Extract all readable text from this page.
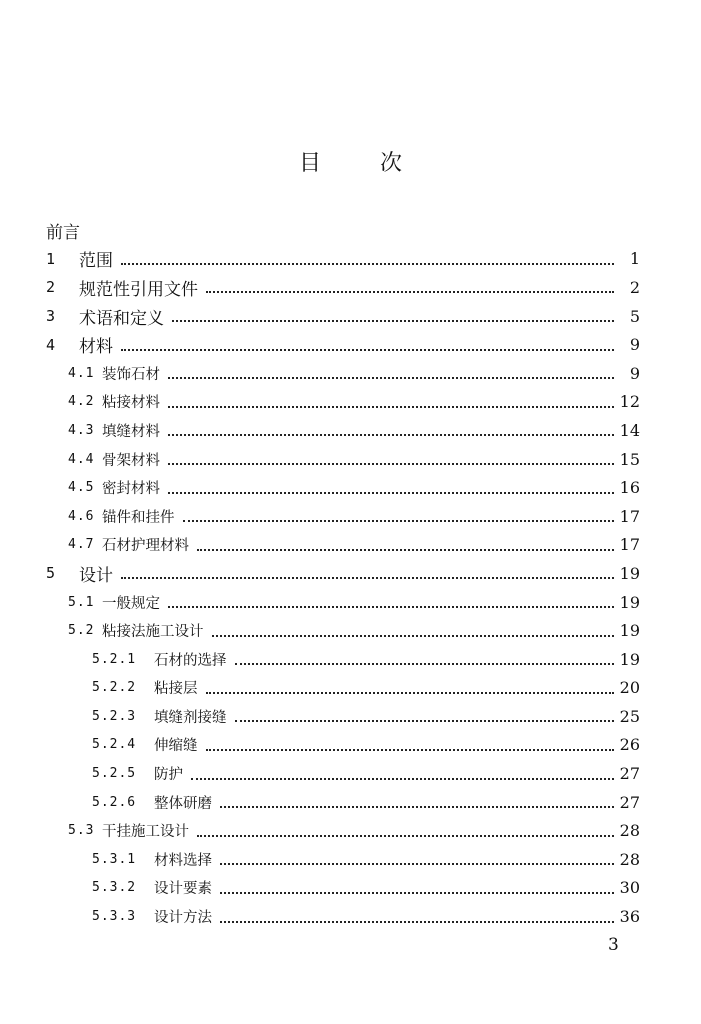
目	次
前言
1	范围	1
2	规范性引用文件	2
3	术语和定义	5
4	材料	9
4.1 装饰石材	9
4.2 粘接材料	12
4.3 填缝材料	14
4.4 骨架材料	15
4.5 密封材料	16
4.6 锚件和挂件	17
4.7 石材护理材料	17
5	设计	19
5.1 一般规定	19
5.2 粘接法施工设计	19
5.2.1	石材的选择	19
5.2.2	粘接层	20
5.2.3	填缝剂接缝	25
5.2.4	伸缩缝	26
5.2.5	防护	27
5.2.6	整体研磨	27
5.3 干挂施工设计	28
5.3.1	材料选择	28
5.3.2	设计要素	30
5.3.3	设计方法	36
3
